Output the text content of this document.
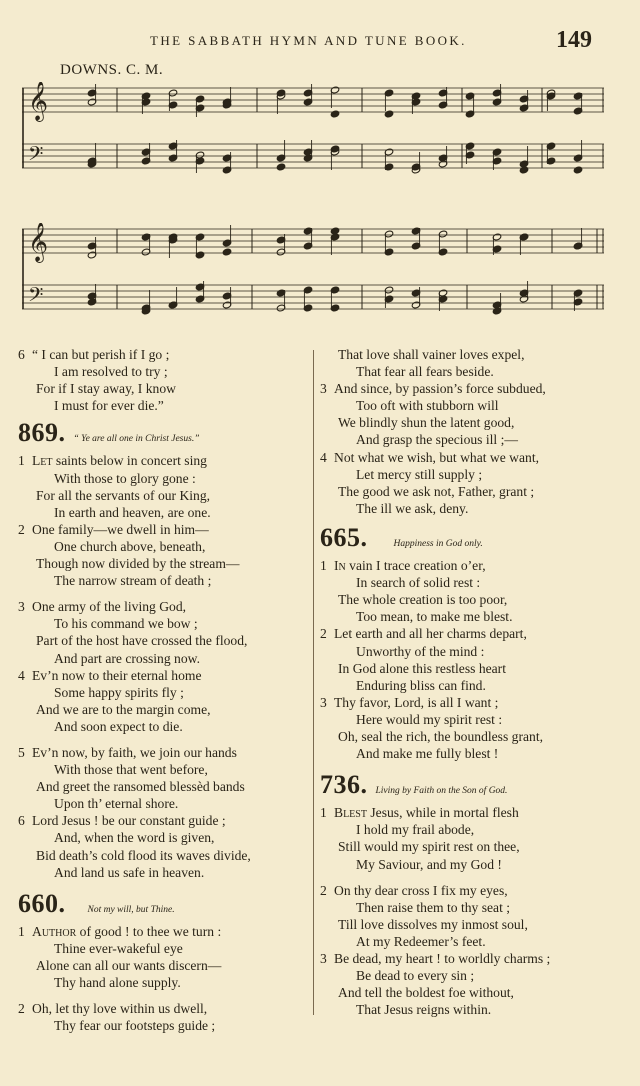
THE SABBATH HYMN AND TUNE BOOK.	149
DOWNS. C. M.
𝄞
𝄢
𝄞
𝄢
6 “ I can but perish if I go ;
I am resolved to try ;
For if I stay away, I know
I must for ever die.”
869. “ Ye are all one in Christ Jesus.”
1 Let saints below in concert sing
With those to glory gone :
For all the servants of our King,
In earth and heaven, are one.
2 One family—we dwell in him—
One church above, beneath,
Though now divided by the stream—
The narrow stream of death ;
3 One army of the living God,
To his command we bow ;
Part of the host have crossed the flood,
And part are crossing now.
4 Ev’n now to their eternal home
Some happy spirits fly ;
And we are to the margin come,
And soon expect to die.
5 Ev’n now, by faith, we join our hands
With those that went before,
And greet the ransomed blessèd bands
Upon th’ eternal shore.
6 Lord Jesus ! be our constant guide ;
And, when the word is given,
Bid death’s cold flood its waves divide,
And land us safe in heaven.
660. Not my will, but Thine.
1 Author of good ! to thee we turn :
Thine ever-wakeful eye
Alone can all our wants discern—
Thy hand alone supply.
2 Oh, let thy love within us dwell,
Thy fear our footsteps guide ;
That love shall vainer loves expel,
That fear all fears beside.
3 And since, by passion’s force subdued,
Too oft with stubborn will
We blindly shun the latent good,
And grasp the specious ill ;—
4 Not what we wish, but what we want,
Let mercy still supply ;
The good we ask not, Father, grant ;
The ill we ask, deny.
665.	Happiness in God only.
1 In vain I trace creation o’er,
In search of solid rest :
The whole creation is too poor,
Too mean, to make me blest.
2 Let earth and all her charms depart,
Unworthy of the mind :
In God alone this restless heart
Enduring bliss can find.
3 Thy favor, Lord, is all I want ;
Here would my spirit rest :
Oh, seal the rich, the boundless grant,
And make me fully blest !
736. Living by Faith on the Son of God.
1 Blest Jesus, while in mortal flesh
I hold my frail abode,
Still would my spirit rest on thee,
My Saviour, and my God !
2 On thy dear cross I fix my eyes,
Then raise them to thy seat ;
Till love dissolves my inmost soul,
At my Redeemer’s feet.
3 Be dead, my heart ! to worldly charms ;
Be dead to every sin ;
And tell the boldest foe without,
That Jesus reigns within.
